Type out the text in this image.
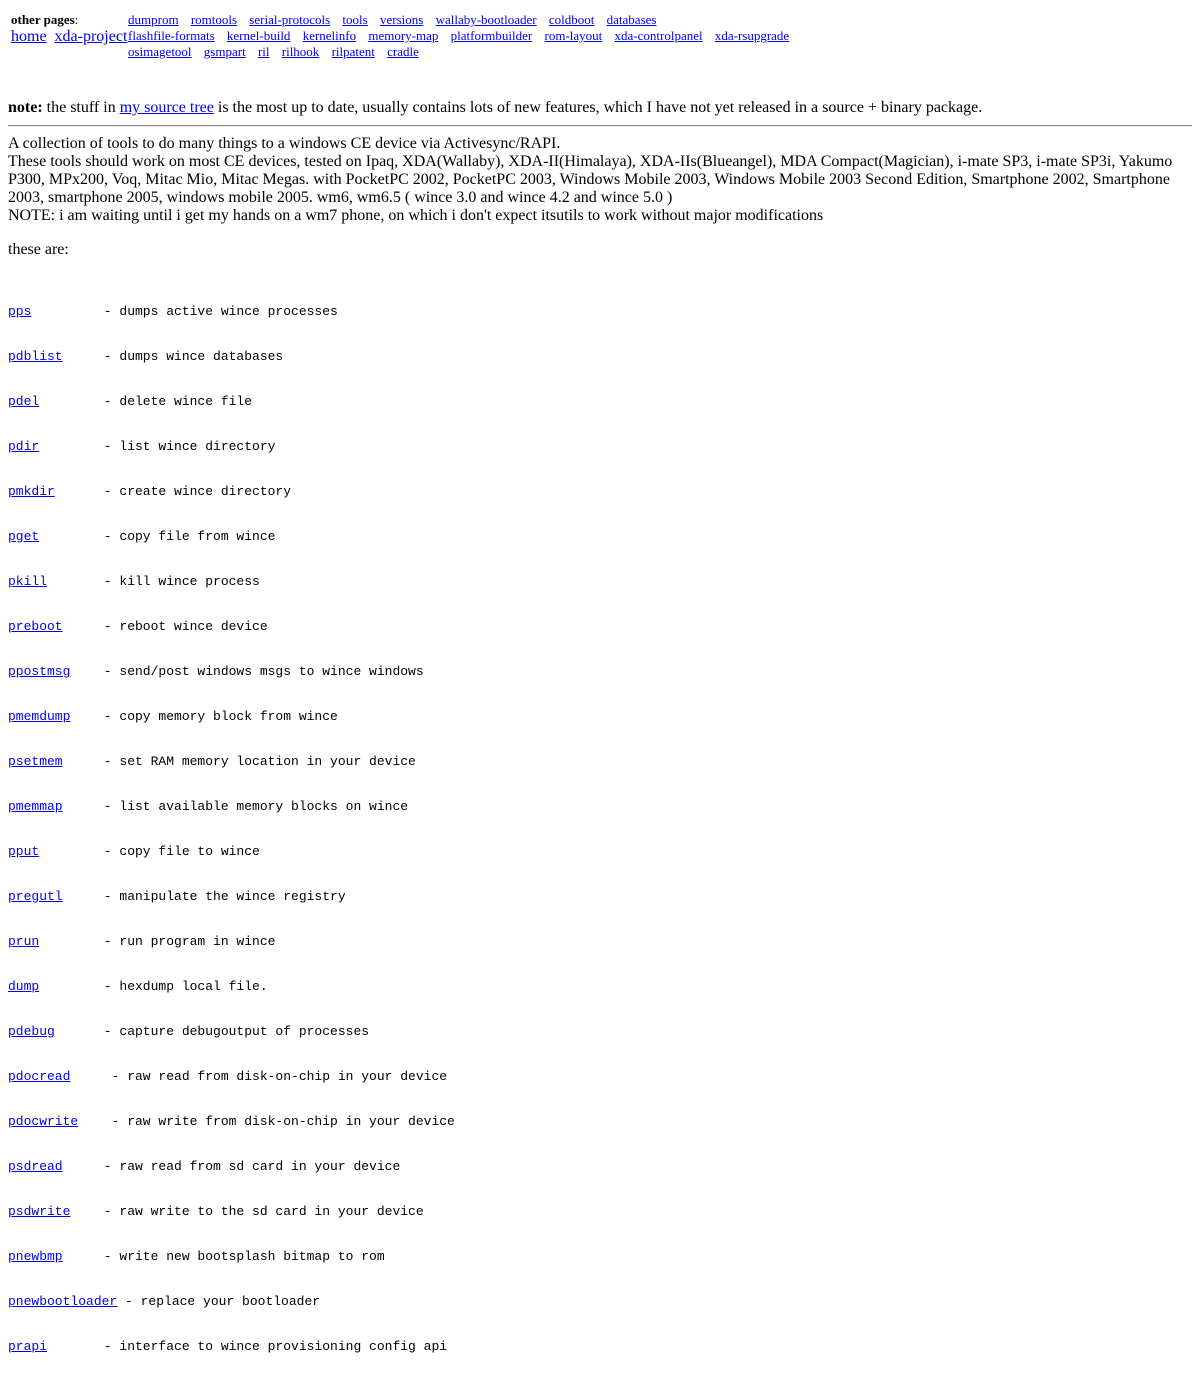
other pages:
home xda-project
dumprom romtools serial-protocols tools versions wallaby-bootloader coldboot databases
flashfile-formats kernel-build kernelinfo memory-map platformbuilder rom-layout xda-controlpanel xda-rsupgrade
osimagetool gsmpart ril rilhook rilpatent cradle
note: the stuff in my source tree is the most up to date, usually contains lots of new features, which I have not yet released in a source + binary package.

A collection of tools to do many things to a windows CE device via Activesync/RAPI.

These tools should work on most CE devices, tested on Ipaq, XDA(Wallaby), XDA-II(Himalaya), XDA-IIs(Blueangel), MDA Compact(Magician), i-mate SP3, i-mate SP3i, Yakumo P300, MPx200, Voq, Mitac Mio, Mitac Megas. with PocketPC 2002, PocketPC 2003, Windows Mobile 2003, Windows Mobile 2003 Second Edition, Smartphone 2002, Smartphone 2003, smartphone 2005, windows mobile 2005. wm6, wm6.5 ( wince 3.0 and wince 4.2 and wince 5.0 )

NOTE: i am waiting until i get my hands on a wm7 phone, on which i don't expect itsutils to work without major modifications

these are:

pps	- dumps active wince processes

pdblist	- dumps wince databases

pdel	- delete wince file

pdir	- list wince directory

pmkdir	- create wince directory

pget	- copy file from wince

pkill	- kill wince process

preboot	- reboot wince device

ppostmsg - send/post windows msgs to wince windows

pmemdump - copy memory block from wince

psetmem	- set RAM memory location in your device

pmemmap	- list available memory blocks on wince

pput	- copy file to wince

pregutl	- manipulate the wince registry

prun	- run program in wince

dump	- hexdump local file.

pdebug	- capture debugoutput of processes

pdocread  - raw read from disk-on-chip in your device

pdocwrite  - raw write from disk-on-chip in your device

psdread	- raw read from sd card in your device

psdwrite - raw write to the sd card in your device

pnewbmp	- write new bootsplash bitmap to rom

pnewbootloader - replace your bootloader

prapi	- interface to wince provisioning config api
